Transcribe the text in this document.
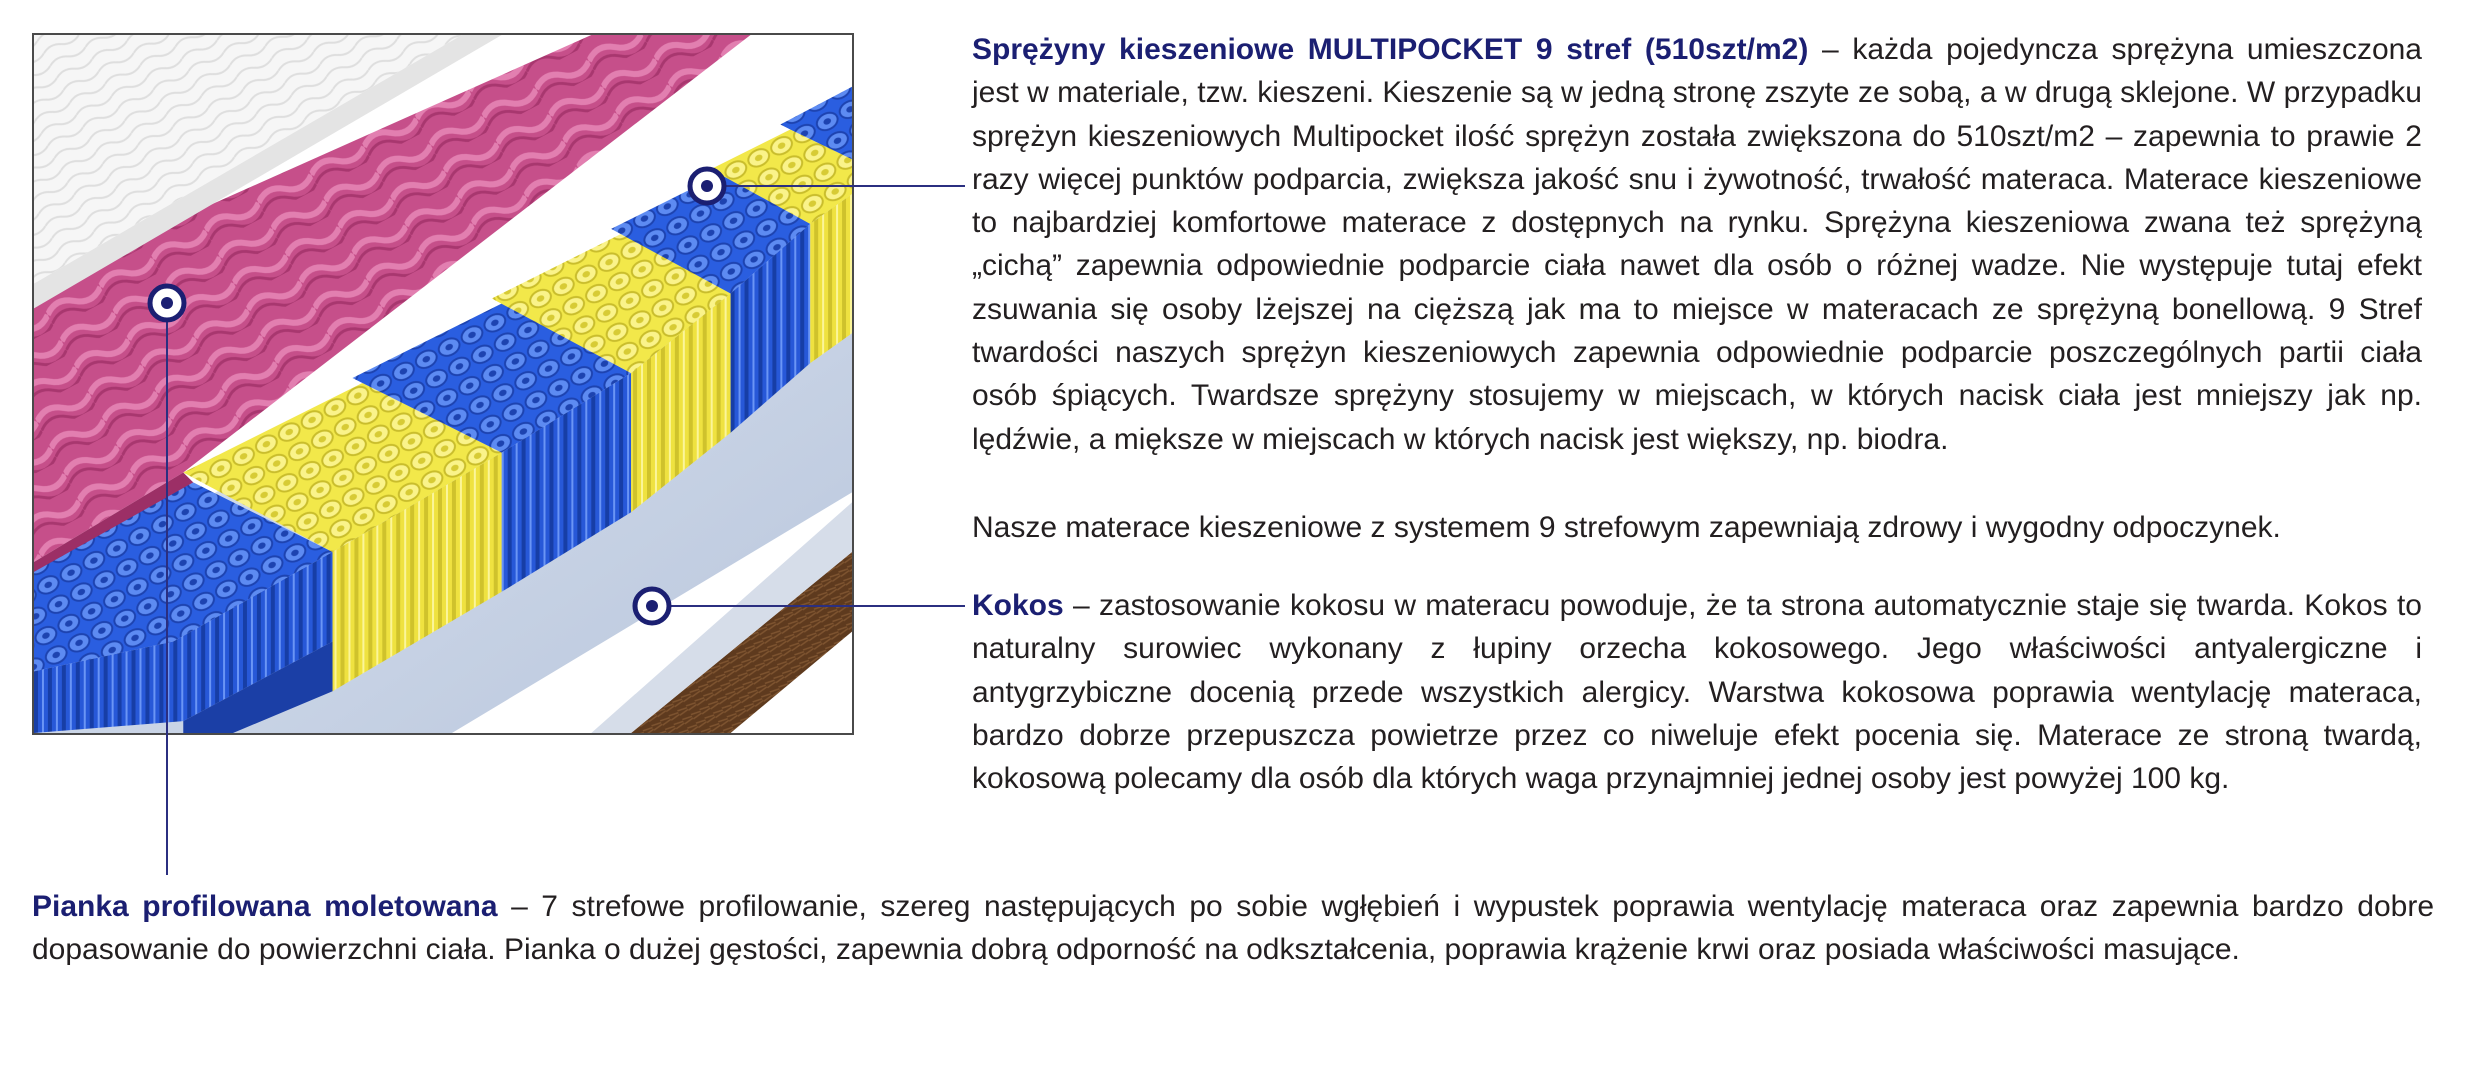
Sprężyny kieszeniowe MULTIPOCKET 9 stref (510szt/m2) – każda pojedyncza sprężyna umieszczona jest w materiale, tzw. kieszeni. Kieszenie są w jedną stronę zszyte ze sobą, a w drugą sklejone. W przypadku sprężyn kieszeniowych Multipocket ilość sprężyn została zwiększona do 510szt/m2 – zapewnia to prawie 2 razy więcej punktów podparcia, zwiększa jakość snu i żywotność, trwałość materaca. Materace kieszeniowe to najbardziej komfortowe materace z dostępnych na rynku. Sprężyna kieszeniowa zwana też sprężyną „cichą” zapewnia odpowiednie podparcie ciała nawet dla osób o różnej wadze. Nie występuje tutaj efekt zsuwania się osoby lżejszej na cięższą jak ma to miejsce w materacach ze sprężyną bonellową. 9 Stref twardości naszych sprężyn kieszeniowych zapewnia odpowiednie podparcie poszczególnych partii ciała osób śpiących. Twardsze sprężyny stosujemy w miejscach, w których nacisk ciała jest mniejszy jak np. lędźwie, a miększe w miejscach w których nacisk jest większy, np. biodra.

Nasze materace kieszeniowe z systemem 9 strefowym zapewniają zdrowy i wygodny odpoczynek.

Kokos – zastosowanie kokosu w materacu powoduje, że ta strona automatycznie staje się twarda. Kokos to naturalny surowiec wykonany z łupiny orzecha kokosowego. Jego właściwości antyalergiczne i antygrzybiczne docenią przede wszystkich alergicy. Warstwa kokosowa poprawia wentylację materaca, bardzo dobrze przepuszcza powietrze przez co niweluje efekt pocenia się. Materace ze stroną twardą, kokosową polecamy dla osób dla których waga przynajmniej jednej osoby jest powyżej 100 kg.

Pianka profilowana moletowana – 7 strefowe profilowanie, szereg następujących po sobie wgłębień i wypustek poprawia wentylację materaca oraz zapewnia bardzo dobre dopasowanie do powierzchni ciała. Pianka o dużej gęstości, zapewnia dobrą odporność na odkształcenia, poprawia krążenie krwi oraz posiada właściwości masujące.
